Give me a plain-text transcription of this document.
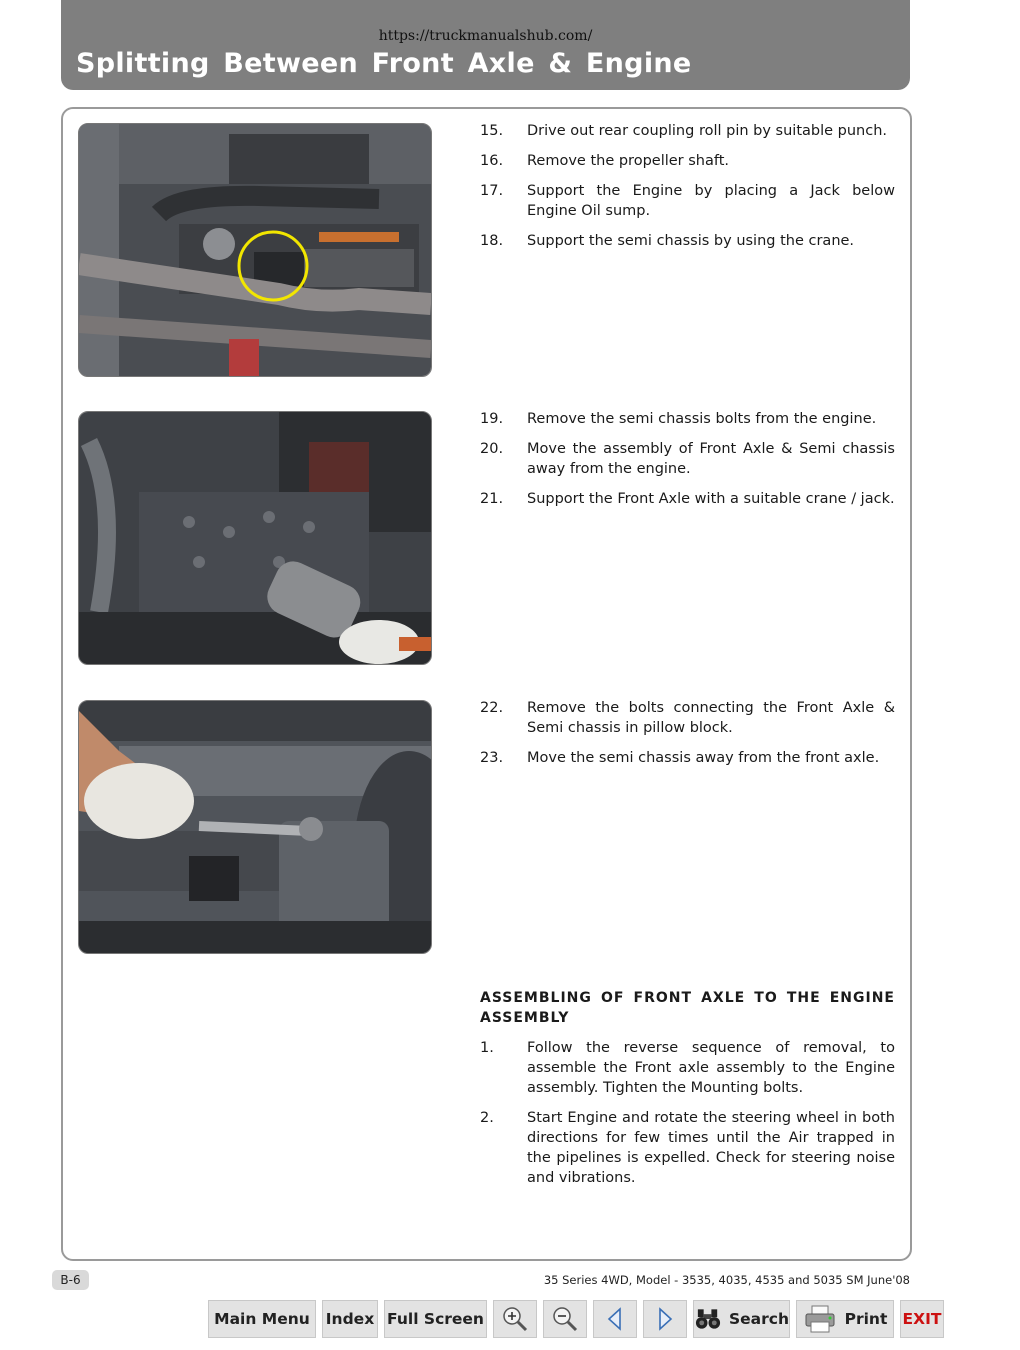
https://truckmanualshub.com/
Splitting Between Front Axle & Engine
15.	Drive out rear coupling roll pin by suitable punch.
16.	Remove the propeller shaft.
17.	Support the Engine by placing a Jack below Engine Oil sump.
18.	Support the semi chassis by using the crane.
19.	Remove the semi chassis bolts from the engine.
20.	Move the assembly of Front Axle & Semi chassis away from the engine.
21.	Support the Front Axle with a suitable crane / jack.
22.	Remove the bolts connecting the Front Axle & Semi chassis in pillow block.
23.	Move the semi chassis away from the front axle.
ASSEMBLING OF FRONT AXLE TO THE ENGINE ASSEMBLY
1.	Follow the reverse sequence of removal, to assemble the Front axle assembly to the Engine assembly. Tighten the Mounting bolts.
2.	Start Engine and rotate the steering wheel in both directions for few times until the Air trapped in the pipelines is expelled. Check for steering noise and vibrations.
B-6	35 Series 4WD, Model - 3535, 4035, 4535 and 5035 SM June'08
Main Menu Index Full Screen	Search	Print EXIT
